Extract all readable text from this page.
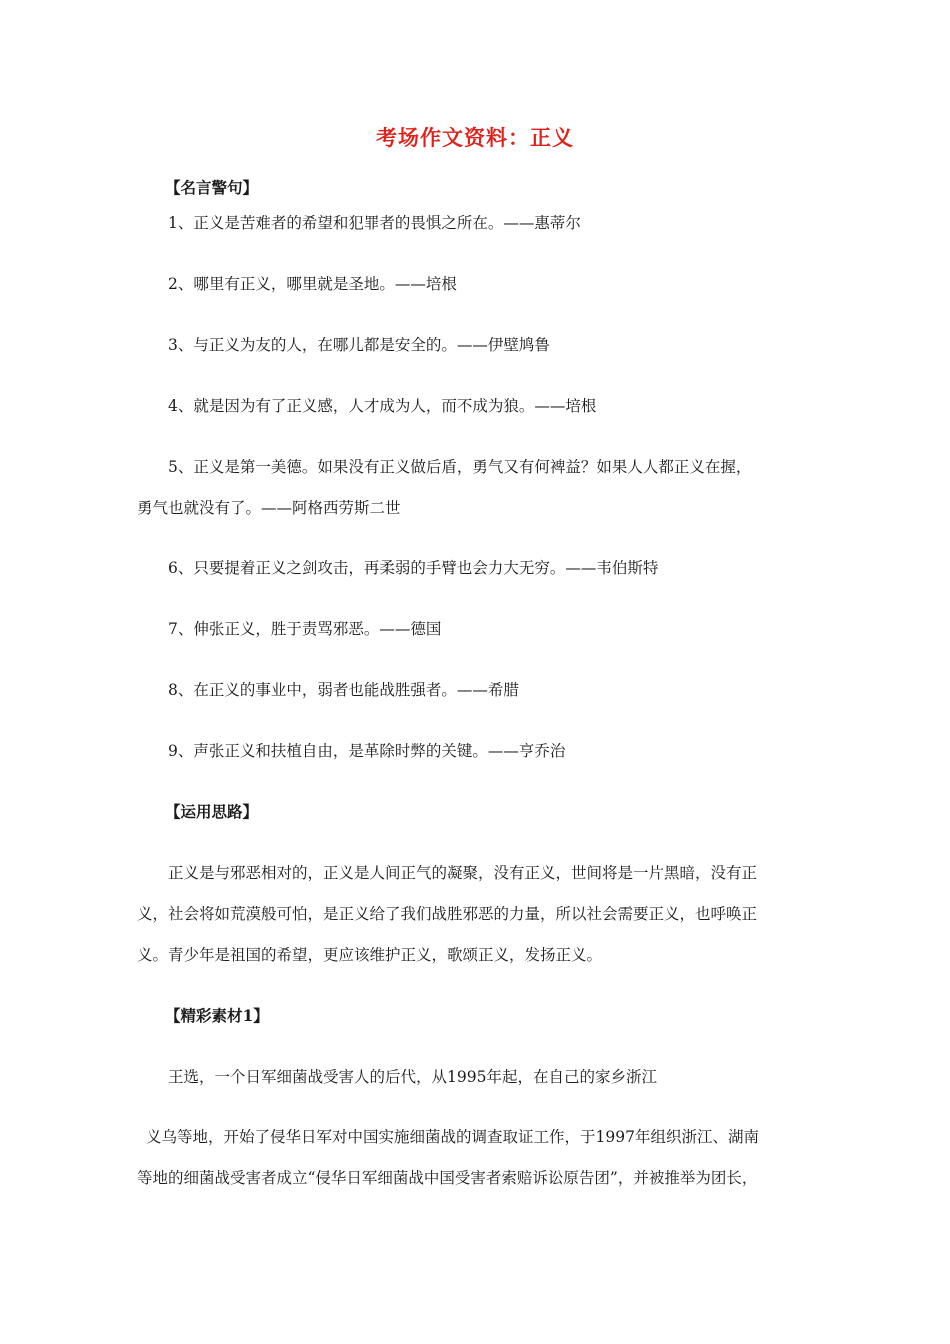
考场作文资料：正义
【名言警句】
1、正义是苦难者的希望和犯罪者的畏惧之所在。——惠蒂尔
2、哪里有正义，哪里就是圣地。——培根
3、与正义为友的人，在哪儿都是安全的。——伊壁鸠鲁
4、就是因为有了正义感，人才成为人，而不成为狼。——培根
5、正义是第一美德。如果没有正义做后盾，勇气又有何裨益？如果人人都正义在握，
勇气也就没有了。——阿格西劳斯二世
6、只要提着正义之剑攻击，再柔弱的手臂也会力大无穷。——韦伯斯特
7、伸张正义，胜于责骂邪恶。——德国
8、在正义的事业中，弱者也能战胜强者。——希腊
9、声张正义和扶植自由，是革除时弊的关键。——亨乔治
【运用思路】
正义是与邪恶相对的，正义是人间正气的凝聚，没有正义，世间将是一片黑暗，没有正
义，社会将如荒漠般可怕，是正义给了我们战胜邪恶的力量，所以社会需要正义，也呼唤正
义。青少年是祖国的希望，更应该维护正义，歌颂正义，发扬正义。
【精彩素材1】
王选，一个日军细菌战受害人的后代，从1995年起，在自己的家乡浙江
义乌等地，开始了侵华日军对中国实施细菌战的调查取证工作，于1997年组织浙江、湖南
等地的细菌战受害者成立“侵华日军细菌战中国受害者索赔诉讼原告团”，并被推举为团长，
